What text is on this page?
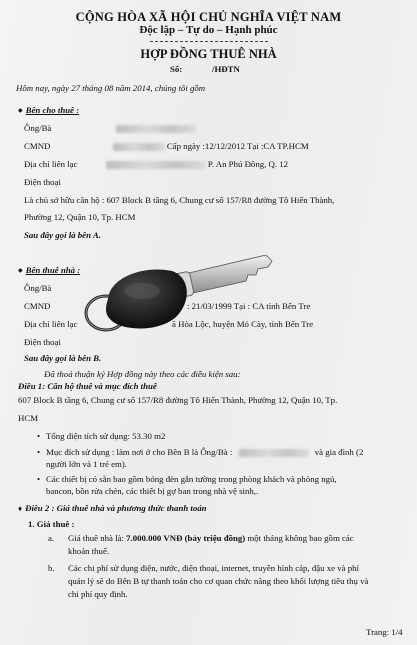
CỘNG HÒA XÃ HỘI CHỦ NGHĨA VIỆT NAM
Độc lập – Tự do – Hạnh phúc
HỢP ĐỒNG THUÊ NHÀ
Số:	/HĐTN
Hôm nay, ngày 27 tháng 08 năm 2014, chúng tôi gồm
◆ Bên cho thuê :
Ông/Bà
CMND	Cấp ngày :12/12/2012 Tại :CA TP.HCM
Địa chỉ liên lạc	P. An Phú Đông, Q. 12
Điện thoại
Là chủ sở hữu căn hộ : 607 Block B tầng 6, Chung cư số 157/R8 đường Tô Hiến Thành,
Phường 12, Quận 10, Tp. HCM
Sau đây gọi là bên A.
◆ Bên thuê nhà :
Ông/Bà
CMND	: 21/03/1999 Tại : CA tỉnh Bến Tre
Địa chỉ liên lạc	ã Hòa Lộc, huyện Mỏ Cày, tỉnh Bến Tre
Điện thoại
Sau đây gọi là bên B.
Đã thoả thuận ký Hợp đồng này theo các điều kiện sau:
Điều 1: Căn hộ thuê và mục đích thuê
607 Block B tầng 6, Chung cư số 157/R8 đường Tô Hiến Thành, Phường 12, Quận 10, Tp.
HCM
• Tổng diện tích sử dụng: 53.30 m2
• Mục đích sử dụng : làm nơi ở cho Bên B là Ông/Bà :	và gia đình (2
người lớn và 1 trẻ em).
• Các thiết bị có sẵn bao gồm bóng đèn gắn tường trong phòng khách và phòng ngủ,
bancon, bồn rửa chén, các thiết bị gợ ban trong nhà vệ sinh,.
♦ Điều 2 : Giá thuê nhà và phương thức thanh toán
1. Giá thuê :
a. Giá thuê nhà là: 7.000.000 VNĐ (bảy triệu đồng) một tháng không bao gồm các
khoản thuế.
b. Các chi phí sử dụng điện, nước, điện thoại, internet, truyền hình cáp, đậu xe và phí
quản lý sẽ do Bên B tự thanh toán cho cơ quan chức năng theo khối lượng tiêu thụ và
chi phí quy định.
Trang: 1/4
